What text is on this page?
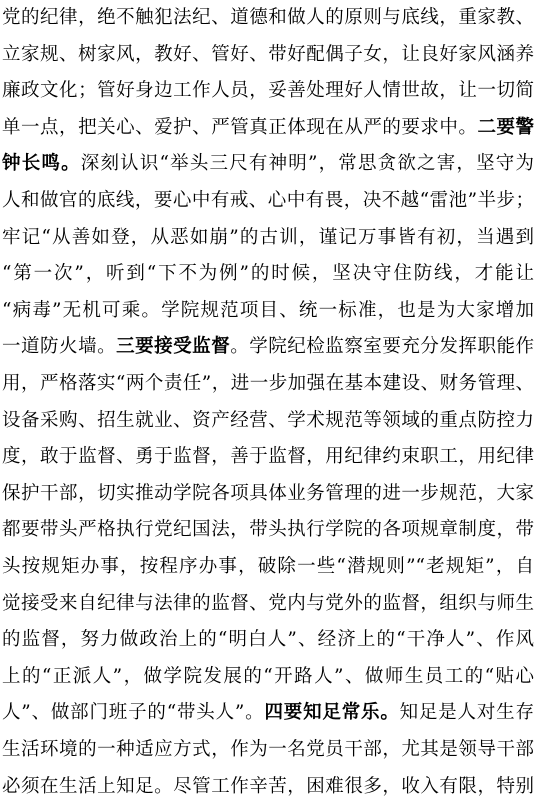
党的纪律，绝不触犯法纪、道德和做人的原则与底线，重家教、
立家规、树家风，教好、管好、带好配偶子女，让良好家风涵养
廉政文化；管好身边工作人员，妥善处理好人情世故，让一切简
单一点，把关心、爱护、严管真正体现在从严的要求中。二要警
钟长鸣。深刻认识“举头三尺有神明”，常思贪欲之害，坚守为
人和做官的底线，要心中有戒、心中有畏，决不越“雷池”半步；
牢记“从善如登，从恶如崩”的古训，谨记万事皆有初，当遇到
“第一次”，听到“下不为例”的时候，坚决守住防线，才能让
“病毒”无机可乘。学院规范项目、统一标准，也是为大家增加
一道防火墙。三要接受监督。学院纪检监察室要充分发挥职能作
用，严格落实“两个责任”，进一步加强在基本建设、财务管理、
设备采购、招生就业、资产经营、学术规范等领域的重点防控力
度，敢于监督、勇于监督，善于监督，用纪律约束职工，用纪律
保护干部，切实推动学院各项具体业务管理的进一步规范，大家
都要带头严格执行党纪国法，带头执行学院的各项规章制度，带
头按规矩办事，按程序办事，破除一些“潜规则”“老规矩”，自
觉接受来自纪律与法律的监督、党内与党外的监督，组织与师生
的监督，努力做政治上的“明白人”、经济上的“干净人”、作风
上的“正派人”，做学院发展的“开路人”、做师生员工的“贴心
人”、做部门班子的“带头人”。四要知足常乐。知足是人对生存
生活环境的一种适应方式，作为一名党员干部，尤其是领导干部
必须在生活上知足。尽管工作辛苦，困难很多，收入有限，特别
